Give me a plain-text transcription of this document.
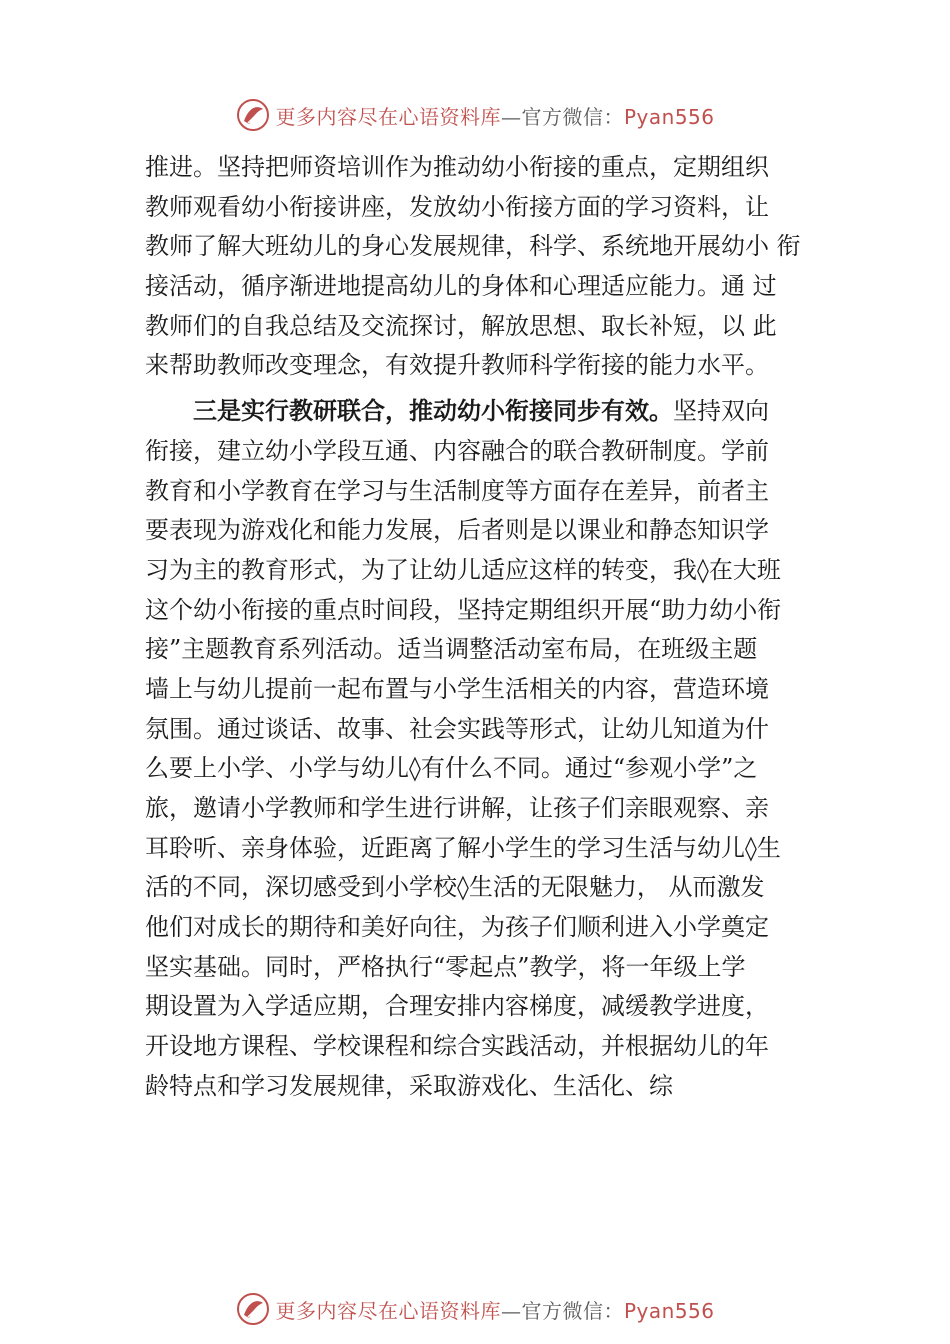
更多内容尽在心语资料库—官方微信：Pyan556
推进。坚持把师资培训作为推动幼小衔接的重点，定期组织
教师观看幼小衔接讲座，发放幼小衔接方面的学习资料，让
教师了解大班幼儿的身心发展规律，科学、系统地开展幼小 衔
接活动，循序渐进地提高幼儿的身体和心理适应能力。通 过
教师们的自我总结及交流探讨，解放思想、取长补短，以 此
来帮助教师改变理念，有效提升教师科学衔接的能力水平。
三是实行教研联合，推动幼小衔接同步有效。坚持双向
衔接，建立幼小学段互通、内容融合的联合教研制度。学前
教育和小学教育在学习与生活制度等方面存在差异，前者主
要表现为游戏化和能力发展，后者则是以课业和静态知识学
习为主的教育形式，为了让幼儿适应这样的转变，我◊在大班
这个幼小衔接的重点时间段，坚持定期组织开展“助力幼小衔
接”主题教育系列活动。适当调整活动室布局，在班级主题
墙上与幼儿提前一起布置与小学生活相关的内容，营造环境
氛围。通过谈话、故事、社会实践等形式，让幼儿知道为什
么要上小学、小学与幼儿◊有什么不同。通过“参观小学”之
旅，邀请小学教师和学生进行讲解，让孩子们亲眼观察、亲
耳聆听、亲身体验，近距离了解小学生的学习生活与幼儿◊生
活的不同，深切感受到小学校◊生活的无限魅力， 从而激发
他们对成长的期待和美好向往，为孩子们顺利进入小学奠定
坚实基础。同时，严格执行“零起点”教学，将一年级上学
期设置为入学适应期，合理安排内容梯度，减缓教学进度，
开设地方课程、学校课程和综合实践活动，并根据幼儿的年
龄特点和学习发展规律，采取游戏化、生活化、综
更多内容尽在心语资料库—官方微信：Pyan556
